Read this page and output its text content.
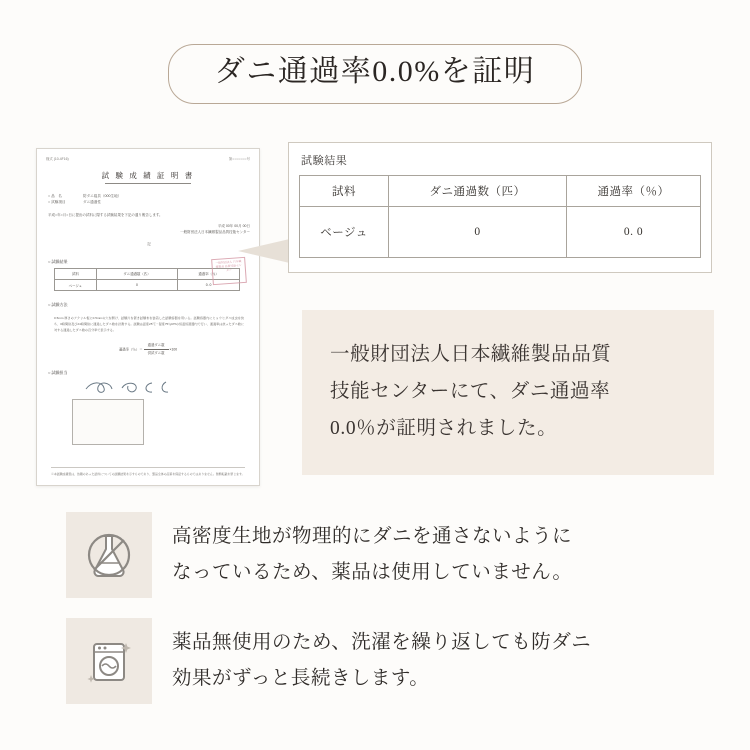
ダニ通過率0.0%を証明
様式 (10-4F16)	第○○○○○○○号
試 験 成 績 証 明 書
○ 品　名	防ダニ寝具（000生地）
○ 試験項目	ダニ通過性
平成○年○月○日に提出の試料に関する試験結果を下記の通り報告します。
平成 00年 00月 00日
一般財団法人日本繊維製品品質技能センター
一般財団法人 日本繊維製品 品質技能センター
記
○ 試験結果
試料	ダニ通過数（匹）	通過率（％）
ベージュ	0	0. 0
○ 試験方法
0.5mm 厚さのアクリル板に0.5mmの穴を開け、試験片を置き試験布を装着した試験容器を用いる。試験容器内にヒョウヒダニ成虫を放ち、0時間後及び24時間後に通過したダニ数を計測する。試験は温度25℃・湿度75％RHの恒温恒湿器内で行い、通過率は放ったダニ数に対する通過したダニ数の百分率で表示する。
通過率（％）＝
通過ダニ数
供試ダニ数
×100
○ 試験担当
※本試験成績書は、依頼のあった試料についての試験結果を示すものであり、製品全体の品質を保証するものではありません。無断転載を禁じます。
試験結果
試料	ダニ通過数（匹）	通過率（％）
ベージュ	0	0. 0

一般財団法人日本繊維製品品質

技能センターにて、ダニ通過率

0.0％が証明されました。

高密度生地が物理的にダニを通さないように
なっているため、薬品は使用していません。
薬品無使用のため、洗濯を繰り返しても防ダニ
効果がずっと長続きします。
